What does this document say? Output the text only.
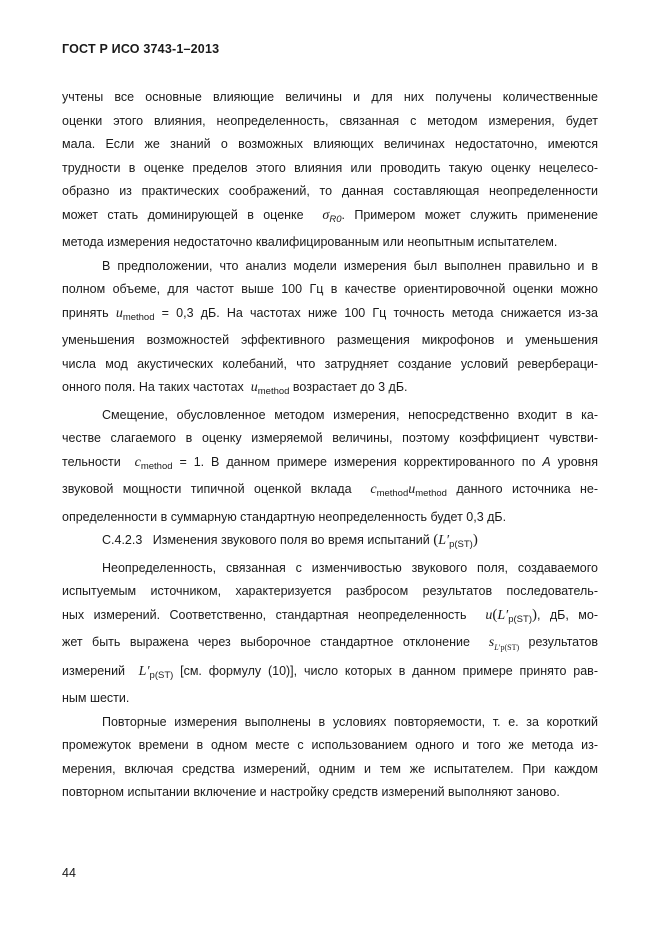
ГОСТ Р ИСО 3743-1–2013

учтены все основные влияющие величины и для них получены количественные
оценки этого влияния, неопределенность, связанная с методом измерения, будет
мала. Если же знаний о возможных влияющих величинах недостаточно, имеются
трудности в оценке пределов этого влияния или проводить такую оценку нецелесо-
образно из практических соображений, то данная составляющая неопределенности
может стать доминирующей в оценке $\sigma_{R0}$. Примером может служить применение
метода измерения недостаточно квалифицированным или неопытным испытателем.

В предположении, что анализ модели измерения был выполнен правильно и в
полном объеме, для частот выше 100 Гц в качестве ориентировочной оценки можно
принять $u_{method} = 0,3$ дБ. На частотах ниже 100 Гц точность метода снижается из-за
уменьшения возможностей эффективного размещения микрофонов и уменьшения
числа мод акустических колебаний, что затрудняет создание условий реверберaци-
онного поля. На таких частотах $u_{method}$ возрастает до 3 дБ.

Смещение, обусловленное методом измерения, непосредственно входит в ка-
честве слагаемого в оценку измеряемой величины, поэтому коэффициент чувстви-
тельности $c_{method} = 1$. В данном примере измерения корректированного по A уровня
звуковой мощности типичной оценкой вклада $c_{method}u_{method}$ данного источника не-
определенности в суммарную стандартную неопределенность будет 0,3 дБ.

C.4.2.3 Изменения звукового поля во время испытаний $(L'_{p(ST)})$

Неопределенность, связанная с изменчивостью звукового поля, создаваемого
испытуемым источником, характеризуется разбросом результатов последователь-
ных измерений. Соответственно, стандартная неопределенность $u(L'_{p(ST)})$, дБ, мо-
жет быть выражена через выборочное стандартное отклонение $s_{L'p(ST)}$ результатов
измерений $L'_{p(ST)}$ [см. формулу (10)], число которых в данном примере принято рав-
ным шести.

Повторные измерения выполнены в условиях повторяемости, т. е. за короткий
промежуток времени в одном месте с использованием одного и того же метода из-
мерения, включая средства измерений, одним и тем же испытателем. При каждом
повторном испытании включение и настройку средств измерений выполняют заново.

44
